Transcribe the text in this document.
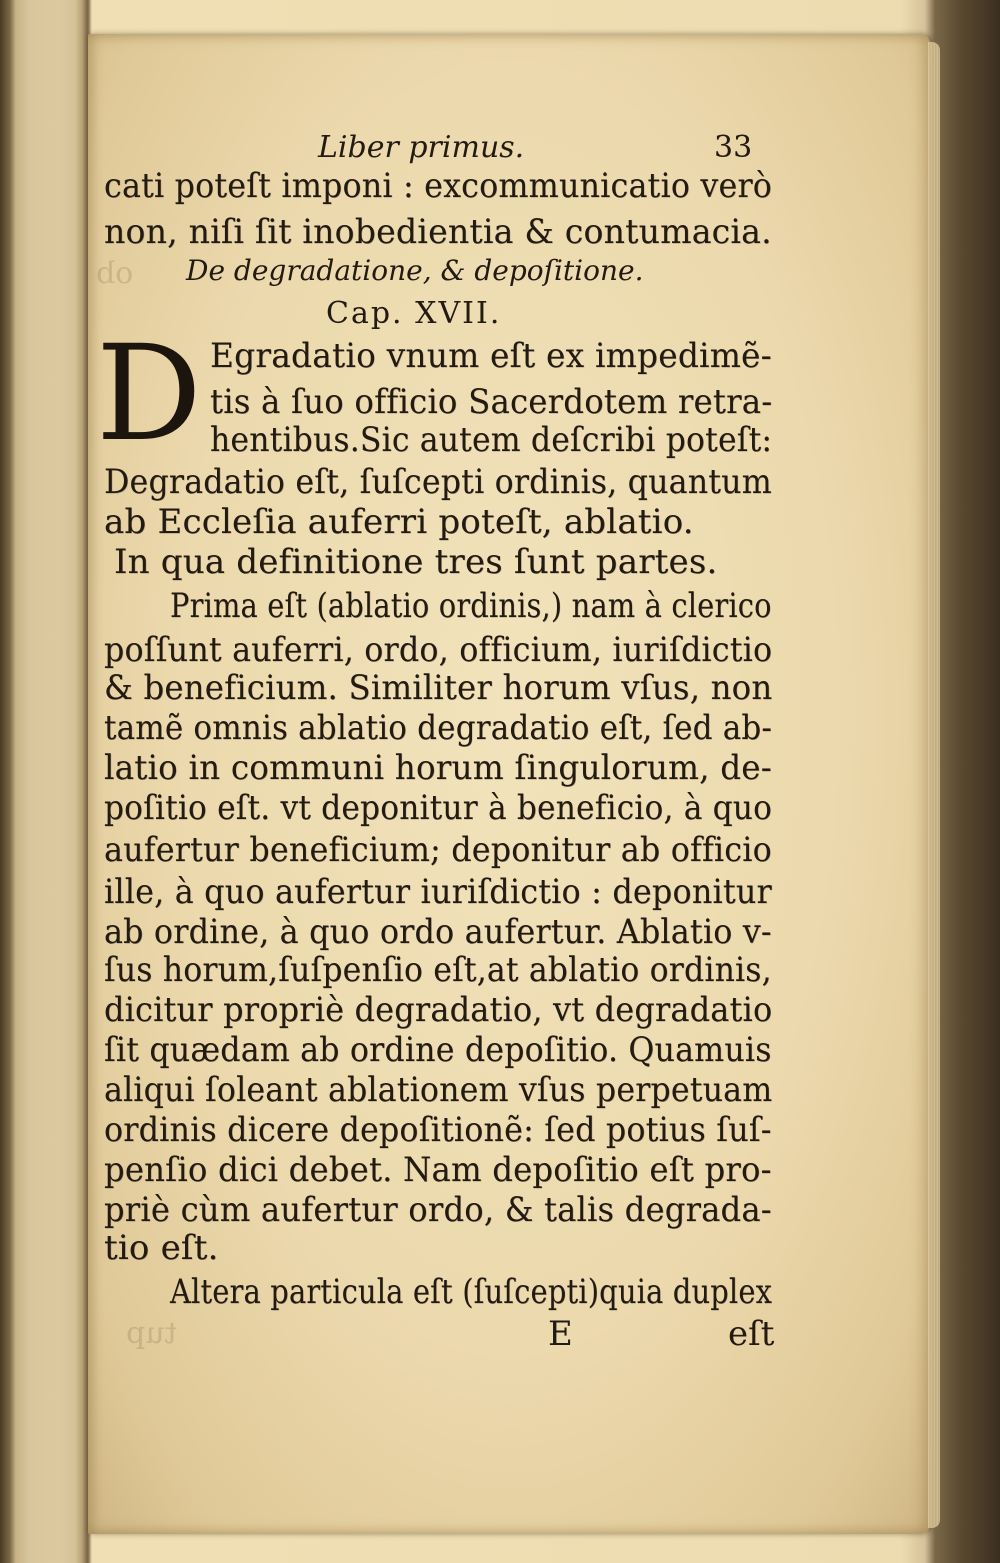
ob
tup
Liber primus.	33
cati poteſt imponi : excommunicatio verò
non, niſi ſit inobedientia & contumacia.
De degradatione, & depoſitione.
Cap. XVII.
D Egradatio vnum eſt ex impedimẽ-
tis à ſuo officio Sacerdotem retra-
hentibus.Sic autem deſcribi poteſt:
Degradatio eſt, ſuſcepti ordinis, quantum
ab Eccleſia auferri poteſt, ablatio.
In qua definitione tres ſunt partes.
Prima eſt (ablatio ordinis,) nam à clerico
poſſunt auferri, ordo, officium, iuriſdictio
& beneficium. Similiter horum vſus, non
tamẽ omnis ablatio degradatio eſt, ſed ab-
latio in communi horum ſingulorum, de-
poſitio eſt. vt deponitur à beneficio, à quo
aufertur beneficium; deponitur ab officio
ille, à quo aufertur iuriſdictio : deponitur
ab ordine, à quo ordo aufertur. Ablatio v-
ſus horum,ſuſpenſio eſt,at ablatio ordinis,
dicitur propriè degradatio, vt degradatio
ſit quædam ab ordine depoſitio. Quamuis
aliqui ſoleant ablationem vſus perpetuam
ordinis dicere depoſitionẽ: ſed potius ſuſ-
penſio dici debet. Nam depoſitio eſt pro-
priè cùm aufertur ordo, & talis degrada-
tio eſt.
Altera particula eſt (ſuſcepti)quia duplex
E	eſt
